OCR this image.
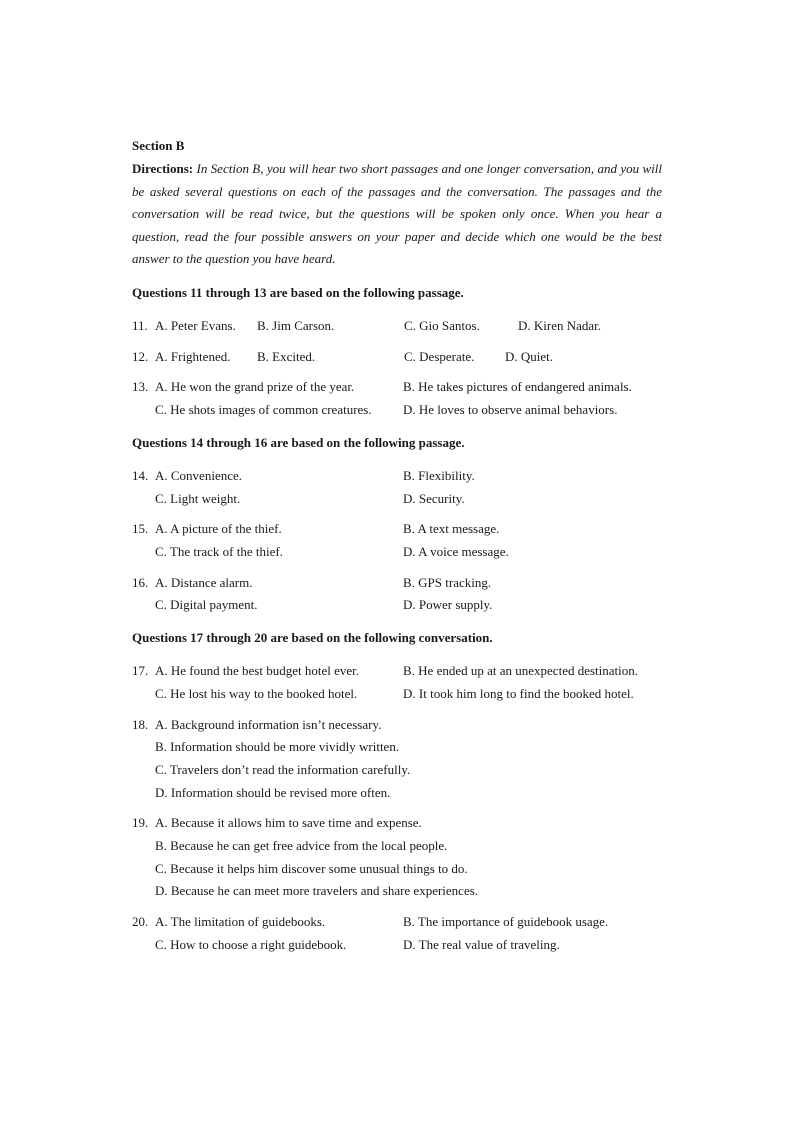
Section B
Directions: In Section B, you will hear two short passages and one longer conversation, and you will be asked several questions on each of the passages and the conversation. The passages and the conversation will be read twice, but the questions will be spoken only once. When you hear a question, read the four possible answers on your paper and decide which one would be the best answer to the question you have heard.
Questions 11 through 13 are based on the following passage.
11. A. Peter Evans. B. Jim Carson.	C. Gio Santos.	D. Kiren Nadar.
12. A. Frightened. B. Excited.	C. Desperate. D. Quiet.
13. A. He won the grand prize of the year.	B. He takes pictures of endangered animals.
C. He shots images of common creatures. D. He loves to observe animal behaviors.
Questions 14 through 16 are based on the following passage.
14. A. Convenience.	B. Flexibility.
C. Light weight.	D. Security.
15. A. A picture of the thief.	B. A text message.
C. The track of the thief.	D. A voice message.
16. A. Distance alarm.	B. GPS tracking.
C. Digital payment.	D. Power supply.
Questions 17 through 20 are based on the following conversation.
17. A. He found the best budget hotel ever.	B. He ended up at an unexpected destination.
C. He lost his way to the booked hotel.	D. It took him long to find the booked hotel.
18. A. Background information isn’t necessary.
B. Information should be more vividly written.
C. Travelers don’t read the information carefully.
D. Information should be revised more often.
19. A. Because it allows him to save time and expense.
B. Because he can get free advice from the local people.
C. Because it helps him discover some unusual things to do.
D. Because he can meet more travelers and share experiences.
20. A. The limitation of guidebooks.	B. The importance of guidebook usage.
C. How to choose a right guidebook.	D. The real value of traveling.
